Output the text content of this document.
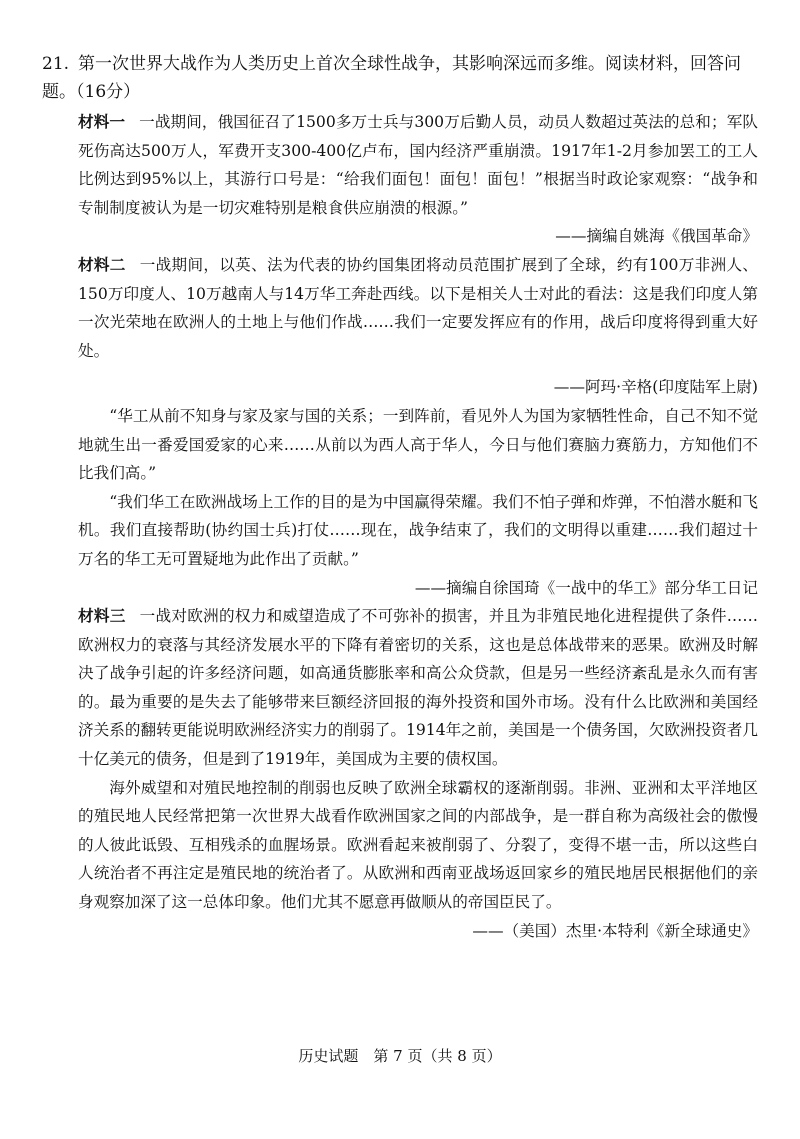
21. 第一次世界大战作为人类历史上首次全球性战争，其影响深远而多维。阅读材料，回答问题。（16分）

材料一 一战期间，俄国征召了1500多万士兵与300万后勤人员，动员人数超过英法的总和；军队死伤高达500万人，军费开支300-400亿卢布，国内经济严重崩溃。1917年1-2月参加罢工的工人比例达到95%以上，其游行口号是：“给我们面包！面包！面包！”根据当时政论家观察：“战争和专制制度被认为是一切灾难特别是粮食供应崩溃的根源。”

——摘编自姚海《俄国革命》

材料二 一战期间，以英、法为代表的协约国集团将动员范围扩展到了全球，约有100万非洲人、150万印度人、10万越南人与14万华工奔赴西线。以下是相关人士对此的看法：这是我们印度人第一次光荣地在欧洲人的土地上与他们作战……我们一定要发挥应有的作用，战后印度将得到重大好处。

——阿玛·辛格(印度陆军上尉)

“华工从前不知身与家及家与国的关系；一到阵前，看见外人为国为家牺牲性命，自己不知不觉地就生出一番爱国爱家的心来……从前以为西人高于华人，今日与他们赛脑力赛筋力，方知他们不比我们高。”

“我们华工在欧洲战场上工作的目的是为中国赢得荣耀。我们不怕子弹和炸弹，不怕潜水艇和飞机。我们直接帮助(协约国士兵)打仗……现在，战争结束了，我们的文明得以重建……我们超过十万名的华工无可置疑地为此作出了贡献。”

——摘编自徐国琦《一战中的华工》部分华工日记

材料三 一战对欧洲的权力和威望造成了不可弥补的损害，并且为非殖民地化进程提供了条件……欧洲权力的衰落与其经济发展水平的下降有着密切的关系，这也是总体战带来的恶果。欧洲及时解决了战争引起的许多经济问题，如高通货膨胀率和高公众贷款，但是另一些经济紊乱是永久而有害的。最为重要的是失去了能够带来巨额经济回报的海外投资和国外市场。没有什么比欧洲和美国经济关系的翻转更能说明欧洲经济实力的削弱了。1914年之前，美国是一个债务国，欠欧洲投资者几十亿美元的债务，但是到了1919年，美国成为主要的债权国。

海外威望和对殖民地控制的削弱也反映了欧洲全球霸权的逐渐削弱。非洲、亚洲和太平洋地区的殖民地人民经常把第一次世界大战看作欧洲国家之间的内部战争，是一群自称为高级社会的傲慢的人彼此诋毁、互相残杀的血腥场景。欧洲看起来被削弱了、分裂了，变得不堪一击，所以这些白人统治者不再注定是殖民地的统治者了。从欧洲和西南亚战场返回家乡的殖民地居民根据他们的亲身观察加深了这一总体印象。他们尤其不愿意再做顺从的帝国臣民了。

——（美国）杰里·本特利《新全球通史》
历史试题　第 7 页（共 8 页）
